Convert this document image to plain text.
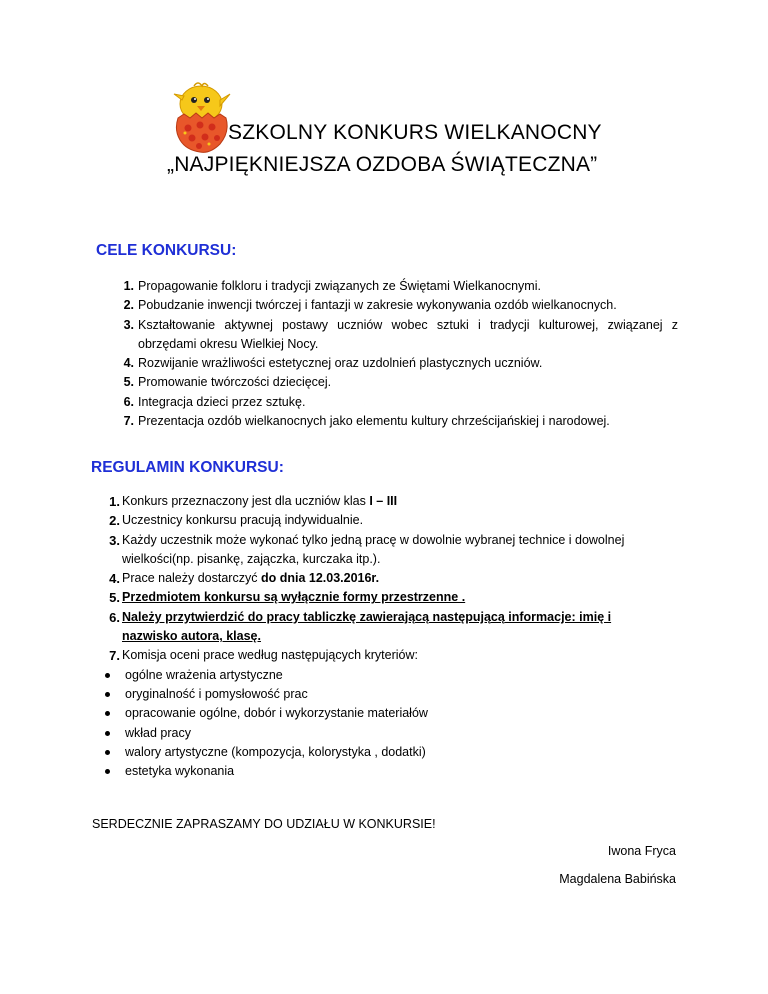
SZKOLNY KONKURS WIELKANOCNY
„NAJPIĘKNIEJSZA OZDOBA ŚWIĄTECZNA”
CELE KONKURSU:
1. Propagowanie folkloru i tradycji związanych ze Świętami Wielkanocnymi.
2. Pobudzanie inwencji twórczej i fantazji w zakresie wykonywania ozdób wielkanocnych.
3. Kształtowanie aktywnej postawy uczniów wobec sztuki i tradycji kulturowej, związanej z obrzędami okresu Wielkiej Nocy.
4. Rozwijanie wrażliwości estetycznej oraz uzdolnień plastycznych uczniów.
5. Promowanie twórczości dziecięcej.
6. Integracja dzieci przez sztukę.
7. Prezentacja ozdób wielkanocnych jako elementu kultury chrześcijańskiej i narodowej.
REGULAMIN KONKURSU:
1. Konkurs przeznaczony jest dla uczniów klas I – III
2. Uczestnicy konkursu pracują indywidualnie.
3. Każdy uczestnik może wykonać tylko jedną pracę w dowolnie wybranej technice i dowolnej wielkości(np. pisankę, zajączka, kurczaka itp.).
4. Prace należy dostarczyć do dnia 12.03.2016r.
5. Przedmiotem konkursu są wyłącznie formy przestrzenne .
6. Należy przytwierdzić do pracy tabliczkę zawierającą następującą informacje: imię i nazwisko autora, klasę.
7. Komisja oceni prace według następujących kryteriów:
ogólne wrażenia artystyczne
oryginalność i pomysłowość prac
opracowanie ogólne, dobór i wykorzystanie materiałów
wkład pracy
walory artystyczne (kompozycja, kolorystyka , dodatki)
estetyka wykonania
SERDECZNIE ZAPRASZAMY DO UDZIAŁU W KONKURSIE!
Iwona Fryca
Magdalena Babińska
